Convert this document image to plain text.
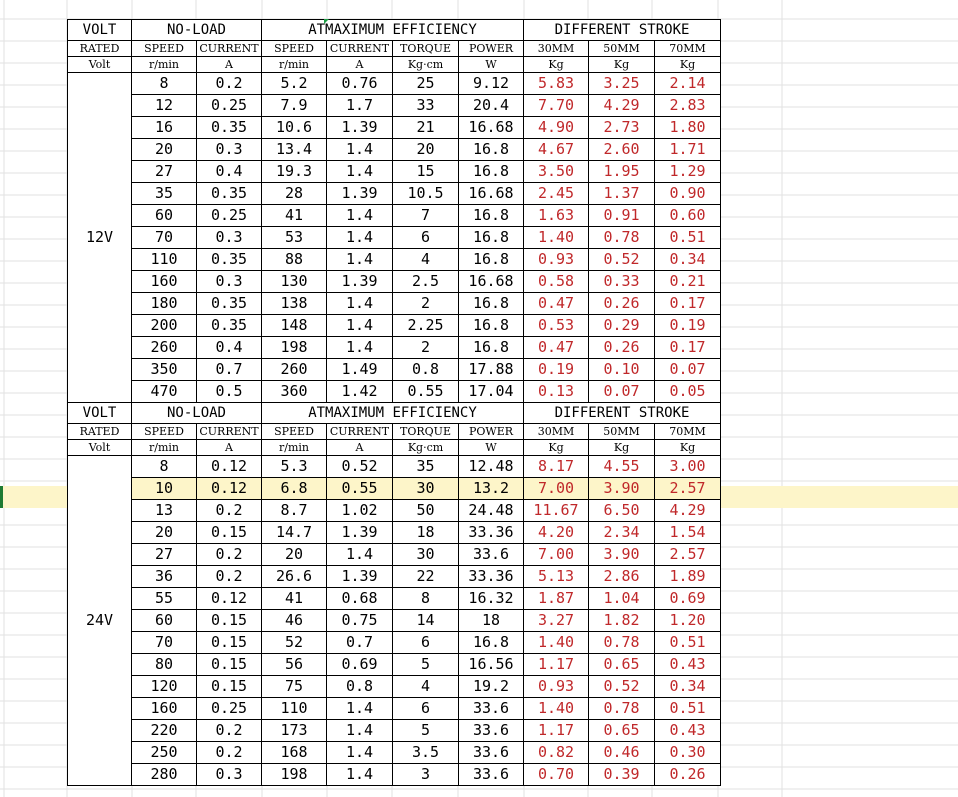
VOLT	NO-LOAD		ATMAXIMUM EFFICIENCY				DIFFERENT STROKE		
RATED	SPEED	CURRENT	SPEED	CURRENT	TORQUE	POWER	30MM	50MM	70MM
Volt	r/min	A	r/min	A	Kg·cm	W	Kg	Kg	Kg
12V	8	0.2	5.2	0.76	25	9.12	5.83	3.25	2.14
	12	0.25	7.9	1.7	33	20.4	7.70	4.29	2.83
	16	0.35	10.6	1.39	21	16.68	4.90	2.73	1.80
	20	0.3	13.4	1.4	20	16.8	4.67	2.60	1.71
	27	0.4	19.3	1.4	15	16.8	3.50	1.95	1.29
	35	0.35	28	1.39	10.5	16.68	2.45	1.37	0.90
	60	0.25	41	1.4	7	16.8	1.63	0.91	0.60
	70	0.3	53	1.4	6	16.8	1.40	0.78	0.51
	110	0.35	88	1.4	4	16.8	0.93	0.52	0.34
	160	0.3	130	1.39	2.5	16.68	0.58	0.33	0.21
	180	0.35	138	1.4	2	16.8	0.47	0.26	0.17
	200	0.35	148	1.4	2.25	16.8	0.53	0.29	0.19
	260	0.4	198	1.4	2	16.8	0.47	0.26	0.17
	350	0.7	260	1.49	0.8	17.88	0.19	0.10	0.07
	470	0.5	360	1.42	0.55	17.04	0.13	0.07	0.05
VOLT	NO-LOAD		ATMAXIMUM EFFICIENCY				DIFFERENT STROKE		
RATED	SPEED	CURRENT	SPEED	CURRENT	TORQUE	POWER	30MM	50MM	70MM
Volt	r/min	A	r/min	A	Kg·cm	W	Kg	Kg	Kg
24V	8	0.12	5.3	0.52	35	12.48	8.17	4.55	3.00
	10	0.12	6.8	0.55	30	13.2	7.00	3.90	2.57
	13	0.2	8.7	1.02	50	24.48	11.67	6.50	4.29
	20	0.15	14.7	1.39	18	33.36	4.20	2.34	1.54
	27	0.2	20	1.4	30	33.6	7.00	3.90	2.57
	36	0.2	26.6	1.39	22	33.36	5.13	2.86	1.89
	55	0.12	41	0.68	8	16.32	1.87	1.04	0.69
	60	0.15	46	0.75	14	18	3.27	1.82	1.20
	70	0.15	52	0.7	6	16.8	1.40	0.78	0.51
	80	0.15	56	0.69	5	16.56	1.17	0.65	0.43
	120	0.15	75	0.8	4	19.2	0.93	0.52	0.34
	160	0.25	110	1.4	6	33.6	1.40	0.78	0.51
	220	0.2	173	1.4	5	33.6	1.17	0.65	0.43
	250	0.2	168	1.4	3.5	33.6	0.82	0.46	0.30
	280	0.3	198	1.4	3	33.6	0.70	0.39	0.26
